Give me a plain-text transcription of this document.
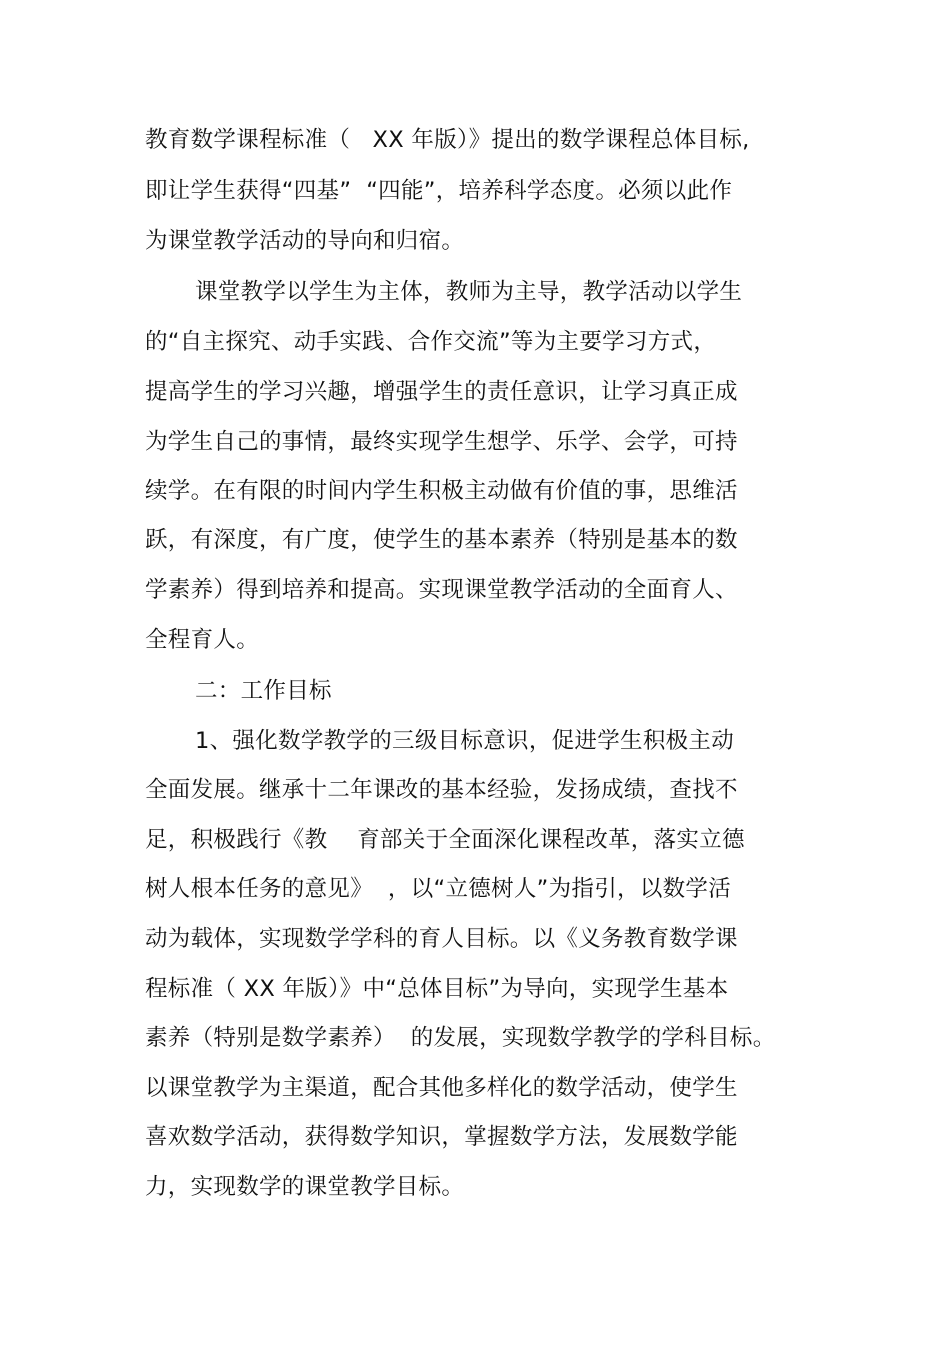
教育数学课程标准（   XX 年版）》提出的数学课程总体目标,
即让学生获得“四基”  “四能”，培养科学态度。必须以此作
为课堂教学活动的导向和归宿。
课堂教学以学生为主体，教师为主导，教学活动以学生
的“自主探究、动手实践、合作交流”等为主要学习方式，
提高学生的学习兴趣，增强学生的责任意识，让学习真正成
为学生自己的事情，最终实现学生想学、乐学、会学，可持
续学。在有限的时间内学生积极主动做有价值的事，思维活
跃，有深度，有广度，使学生的基本素养（特别是基本的数
学素养）得到培养和提高。实现课堂教学活动的全面育人、
全程育人。
二：工作目标
1、强化数学教学的三级目标意识，促进学生积极主动
全面发展。继承十二年课改的基本经验，发扬成绩，查找不
足，积极践行《教    育部关于全面深化课程改革，落实立德
树人根本任务的意见》  ，以“立德树人”为指引，以数学活
动为载体，实现数学学科的育人目标。以《义务教育数学课
程标准（ XX 年版）》中“总体目标”为导向，实现学生基本
素养（特别是数学素养）  的发展，实现数学教学的学科目标。
以课堂教学为主渠道，配合其他多样化的数学活动，使学生
喜欢数学活动，获得数学知识，掌握数学方法，发展数学能
力，实现数学的课堂教学目标。
